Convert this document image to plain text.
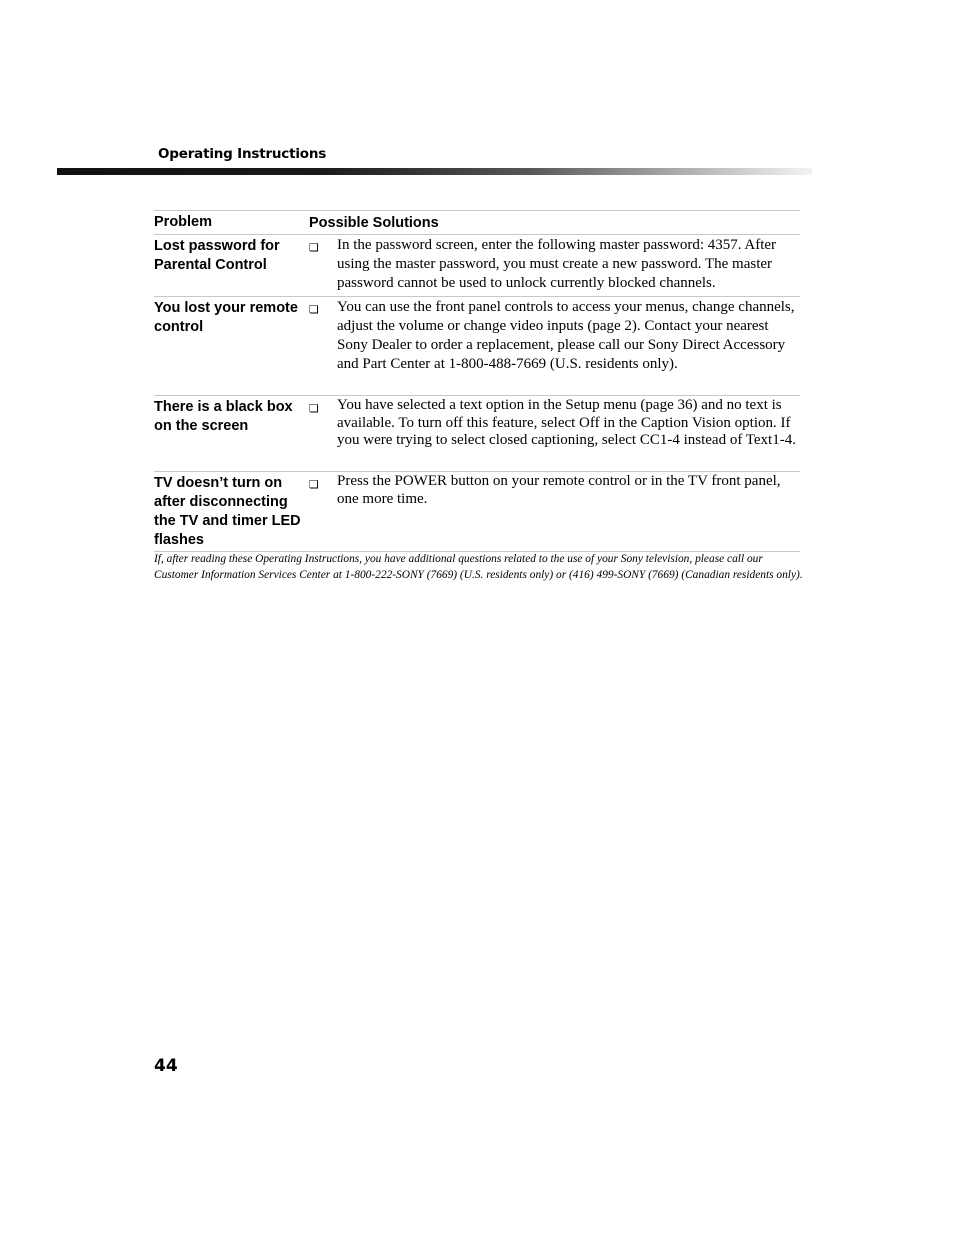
Operating Instructions
Problem	Possible Solutions
Lost password for Parental Control
❏	In the password screen, enter the following master password: 4357. After using the master password, you must create a new password. The master password cannot be used to unlock currently blocked channels.
You lost your remote control
❏	You can use the front panel controls to access your menus, change channels, adjust the volume or change video inputs (page 2). Contact your nearest Sony Dealer to order a replacement, please call our Sony Direct Accessory and Part Center at 1-800-488-7669 (U.S. residents only).
There is a black box on the screen
❏	You have selected a text option in the Setup menu (page 36) and no text is available. To turn off this feature, select Off in the Caption Vision option. If you were trying to select closed captioning, select CC1-4 instead of Text1-4.
TV doesn’t turn on after disconnecting the TV and timer LED flashes
❏	Press the POWER button on your remote control or in the TV front panel, one more time.
If, after reading these Operating Instructions, you have additional questions related to the use of your Sony television, please call our Customer Information Services Center at 1-800-222-SONY (7669) (U.S. residents only) or (416) 499-SONY (7669) (Canadian residents only).
44
